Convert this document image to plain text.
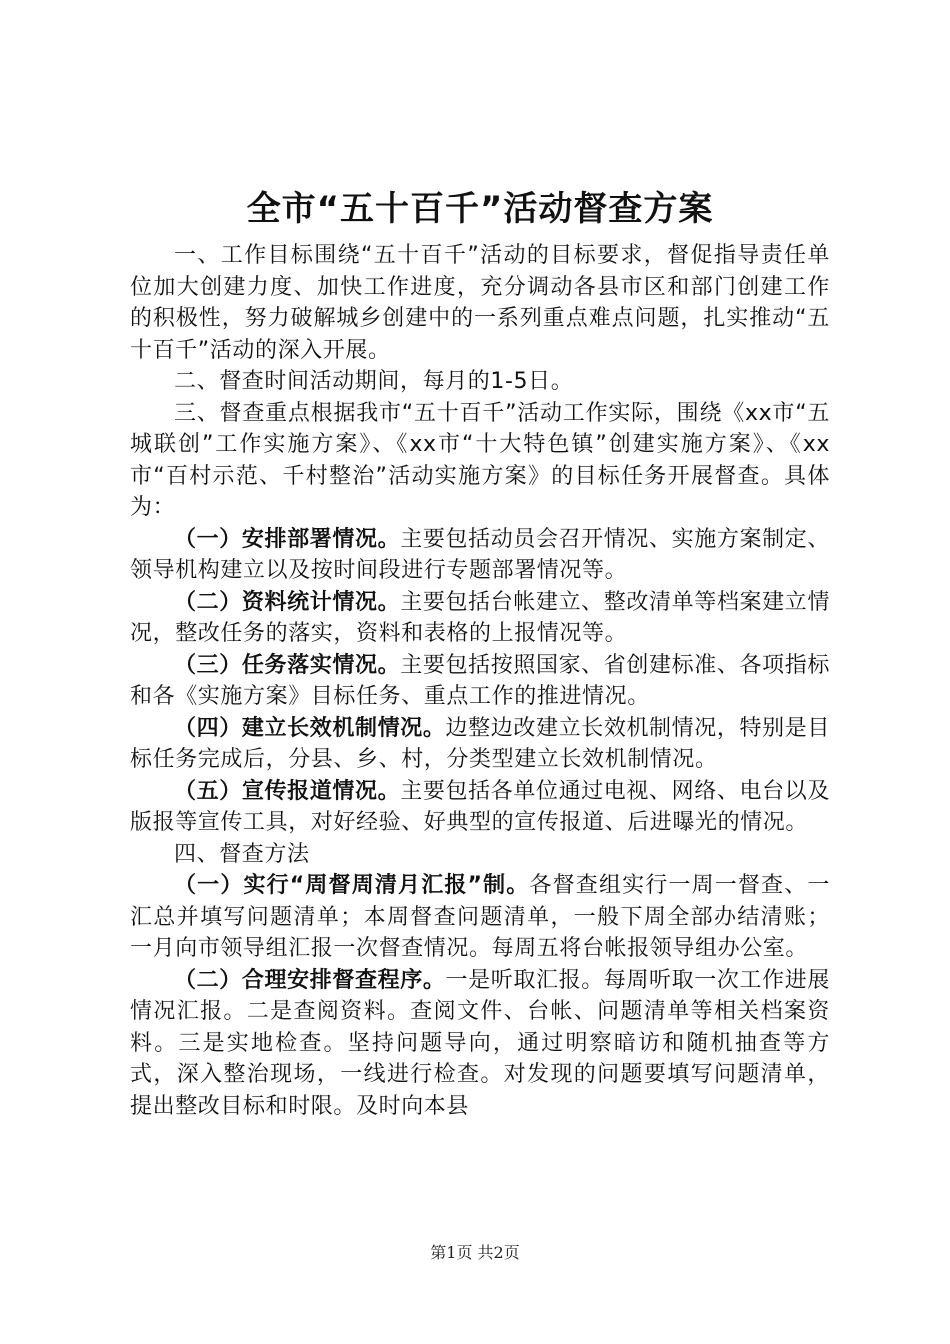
全市“五十百千”活动督查方案

一、工作目标围绕“五十百千”活动的目标要求，督促指导责任单位加大创建力度、加快工作进度，充分调动各县市区和部门创建工作的积极性，努力破解城乡创建中的一系列重点难点问题，扎实推动“五十百千”活动的深入开展。

二、督查时间活动期间，每月的1-5日。

三、督查重点根据我市“五十百千”活动工作实际，围绕《xx市“五城联创”工作实施方案》、《xx市“十大特色镇”创建实施方案》、《xx市“百村示范、千村整治”活动实施方案》的目标任务开展督查。具体为：

（一）安排部署情况。主要包括动员会召开情况、实施方案制定、领导机构建立以及按时间段进行专题部署情况等。

（二）资料统计情况。主要包括台帐建立、整改清单等档案建立情况，整改任务的落实，资料和表格的上报情况等。

（三）任务落实情况。主要包括按照国家、省创建标准、各项指标和各《实施方案》目标任务、重点工作的推进情况。

（四）建立长效机制情况。边整边改建立长效机制情况，特别是目标任务完成后，分县、乡、村，分类型建立长效机制情况。

（五）宣传报道情况。主要包括各单位通过电视、网络、电台以及版报等宣传工具，对好经验、好典型的宣传报道、后进曝光的情况。

四、督查方法

（一）实行“周督周清月汇报”制。各督查组实行一周一督查、一汇总并填写问题清单；本周督查问题清单，一般下周全部办结清账；一月向市领导组汇报一次督查情况。每周五将台帐报领导组办公室。

（二）合理安排督查程序。一是听取汇报。每周听取一次工作进展情况汇报。二是查阅资料。查阅文件、台帐、问题清单等相关档案资料。三是实地检查。坚持问题导向，通过明察暗访和随机抽查等方式，深入整治现场，一线进行检查。对发现的问题要填写问题清单，提出整改目标和时限。及时向本县

第1页 共2页
